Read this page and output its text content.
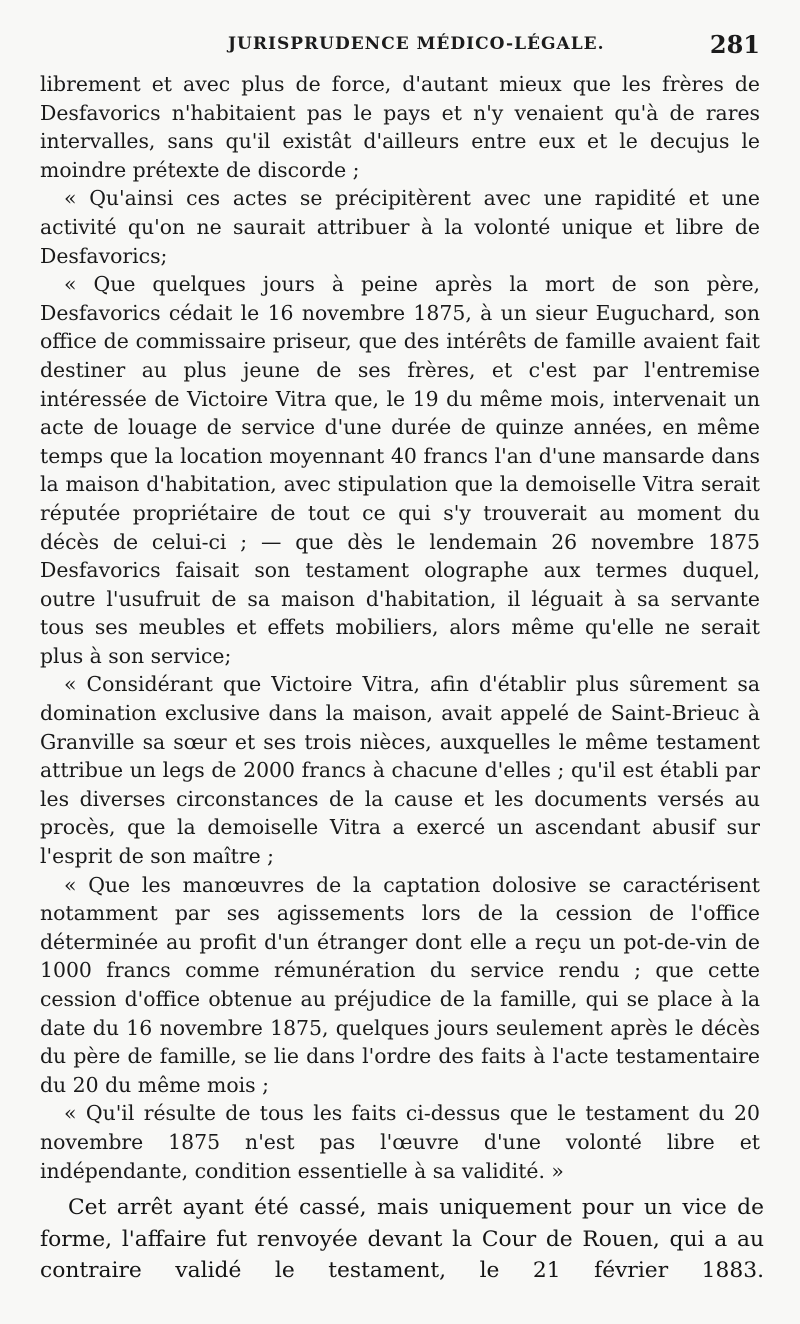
JURISPRUDENCE MÉDICO-LÉGALE.	281

librement et avec plus de force, d'autant mieux que les frères de Desfavorics n'habitaient pas le pays et n'y venaient qu'à de rares intervalles, sans qu'il existât d'ailleurs entre eux et le decujus le moindre prétexte de discorde ;

« Qu'ainsi ces actes se précipitèrent avec une rapidité et une activité qu'on ne saurait attribuer à la volonté unique et libre de Desfavorics;

« Que quelques jours à peine après la mort de son père, Desfavorics cédait le 16 novembre 1875, à un sieur Euguchard, son office de commissaire priseur, que des intérêts de famille avaient fait destiner au plus jeune de ses frères, et c'est par l'entremise intéressée de Victoire Vitra que, le 19 du même mois, intervenait un acte de louage de service d'une durée de quinze années, en même temps que la location moyennant 40 francs l'an d'une mansarde dans la maison d'habitation, avec stipulation que la demoiselle Vitra serait réputée propriétaire de tout ce qui s'y trouverait au moment du décès de celui-ci ; — que dès le lendemain 26 novembre 1875 Desfavorics faisait son testament olographe aux termes duquel, outre l'usufruit de sa maison d'habitation, il léguait à sa servante tous ses meubles et effets mobiliers, alors même qu'elle ne serait plus à son service;

« Considérant que Victoire Vitra, afin d'établir plus sûrement sa domination exclusive dans la maison, avait appelé de Saint-Brieuc à Granville sa sœur et ses trois nièces, auxquelles le même testament attribue un legs de 2000 francs à chacune d'elles ; qu'il est établi par les diverses circonstances de la cause et les documents versés au procès, que la demoiselle Vitra a exercé un ascendant abusif sur l'esprit de son maître ;

« Que les manœuvres de la captation dolosive se caractérisent notamment par ses agissements lors de la cession de l'office déterminée au profit d'un étranger dont elle a reçu un pot-de-vin de 1000 francs comme rémunération du service rendu ; que cette cession d'office obtenue au préjudice de la famille, qui se place à la date du 16 novembre 1875, quelques jours seulement après le décès du père de famille, se lie dans l'ordre des faits à l'acte testamentaire du 20 du même mois ;

« Qu'il résulte de tous les faits ci-dessus que le testament du 20 novembre 1875 n'est pas l'œuvre d'une volonté libre et indépendante, condition essentielle à sa validité. »

Cet arrêt ayant été cassé, mais uniquement pour un vice de forme, l'affaire fut renvoyée devant la Cour de Rouen, qui a au contraire validé le testament, le 21 février 1883.
